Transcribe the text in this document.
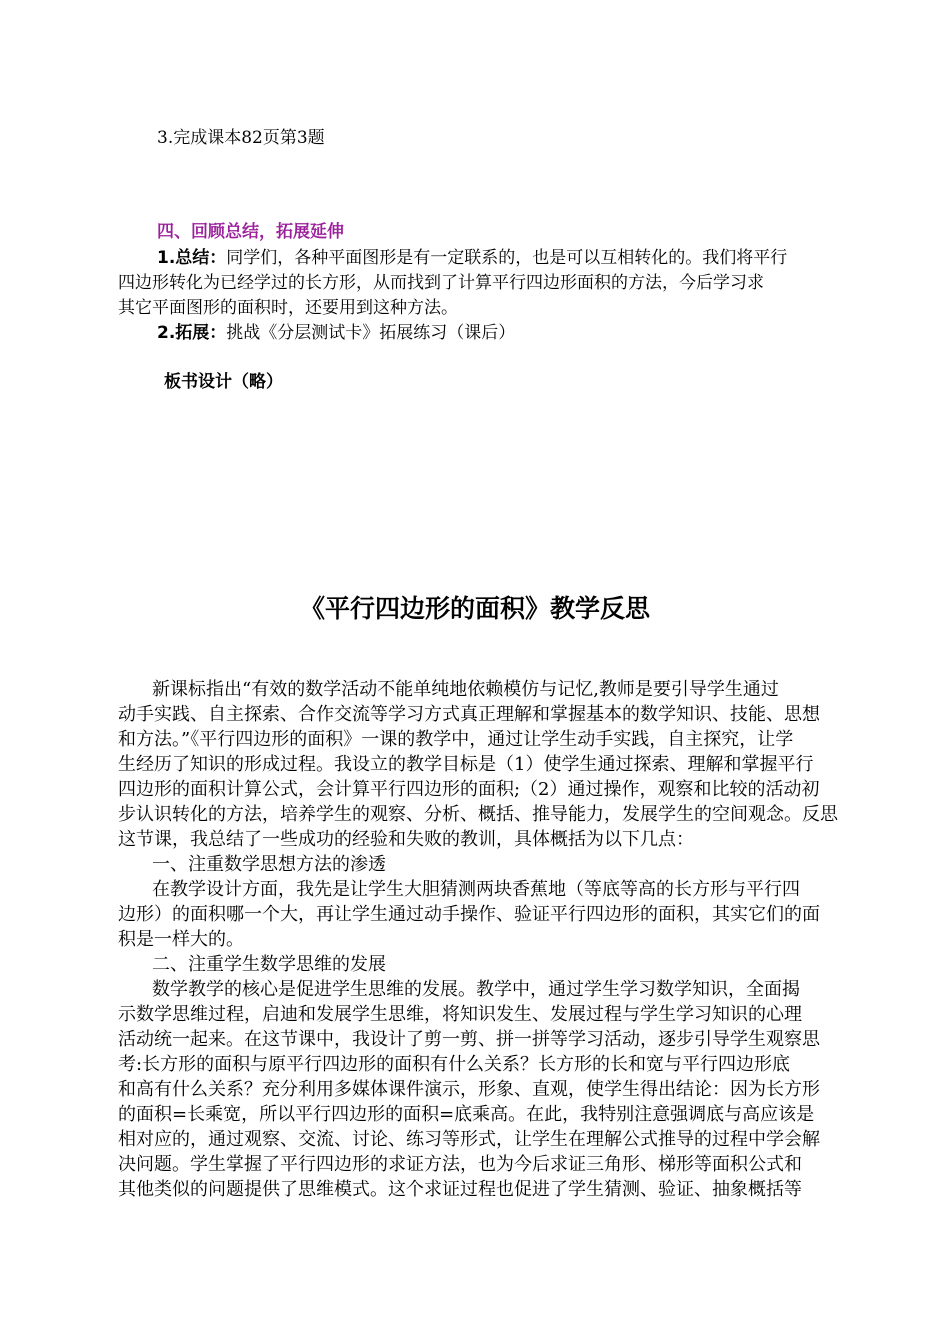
3.完成课本82页第3题
四、回顾总结，拓展延伸
1.总结：同学们，各种平面图形是有一定联系的，也是可以互相转化的。我们将平行
四边形转化为已经学过的长方形，从而找到了计算平行四边形面积的方法，今后学习求
其它平面图形的面积时，还要用到这种方法。
2.拓展：挑战《分层测试卡》拓展练习（课后）
板书设计（略）
《平行四边形的面积》教学反思
新课标指出“有效的数学活动不能单纯地依赖模仿与记忆,教师是要引导学生通过
动手实践、自主探索、合作交流等学习方式真正理解和掌握基本的数学知识、技能、思想
和方法。”《平行四边形的面积》一课的教学中，通过让学生动手实践，自主探究，让学
生经历了知识的形成过程。我设立的教学目标是（1）使学生通过探索、理解和掌握平行
四边形的面积计算公式，会计算平行四边形的面积;（2）通过操作，观察和比较的活动初
步认识转化的方法，培养学生的观察、分析、概括、推导能力，发展学生的空间观念。反思
这节课，我总结了一些成功的经验和失败的教训，具体概括为以下几点：
一、注重数学思想方法的渗透
在教学设计方面，我先是让学生大胆猜测两块香蕉地（等底等高的长方形与平行四
边形）的面积哪一个大，再让学生通过动手操作、验证平行四边形的面积，其实它们的面
积是一样大的。
二、注重学生数学思维的发展
数学教学的核心是促进学生思维的发展。教学中，通过学生学习数学知识，全面揭
示数学思维过程，启迪和发展学生思维，将知识发生、发展过程与学生学习知识的心理
活动统一起来。在这节课中，我设计了剪一剪、拼一拼等学习活动，逐步引导学生观察思
考:长方形的面积与原平行四边形的面积有什么关系？长方形的长和宽与平行四边形底
和高有什么关系？充分利用多媒体课件演示，形象、直观，使学生得出结论：因为长方形
的面积=长乘宽，所以平行四边形的面积=底乘高。在此，我特别注意强调底与高应该是
相对应的，通过观察、交流、讨论、练习等形式，让学生在理解公式推导的过程中学会解
决问题。学生掌握了平行四边形的求证方法，也为今后求证三角形、梯形等面积公式和
其他类似的问题提供了思维模式。这个求证过程也促进了学生猜测、验证、抽象概括等
